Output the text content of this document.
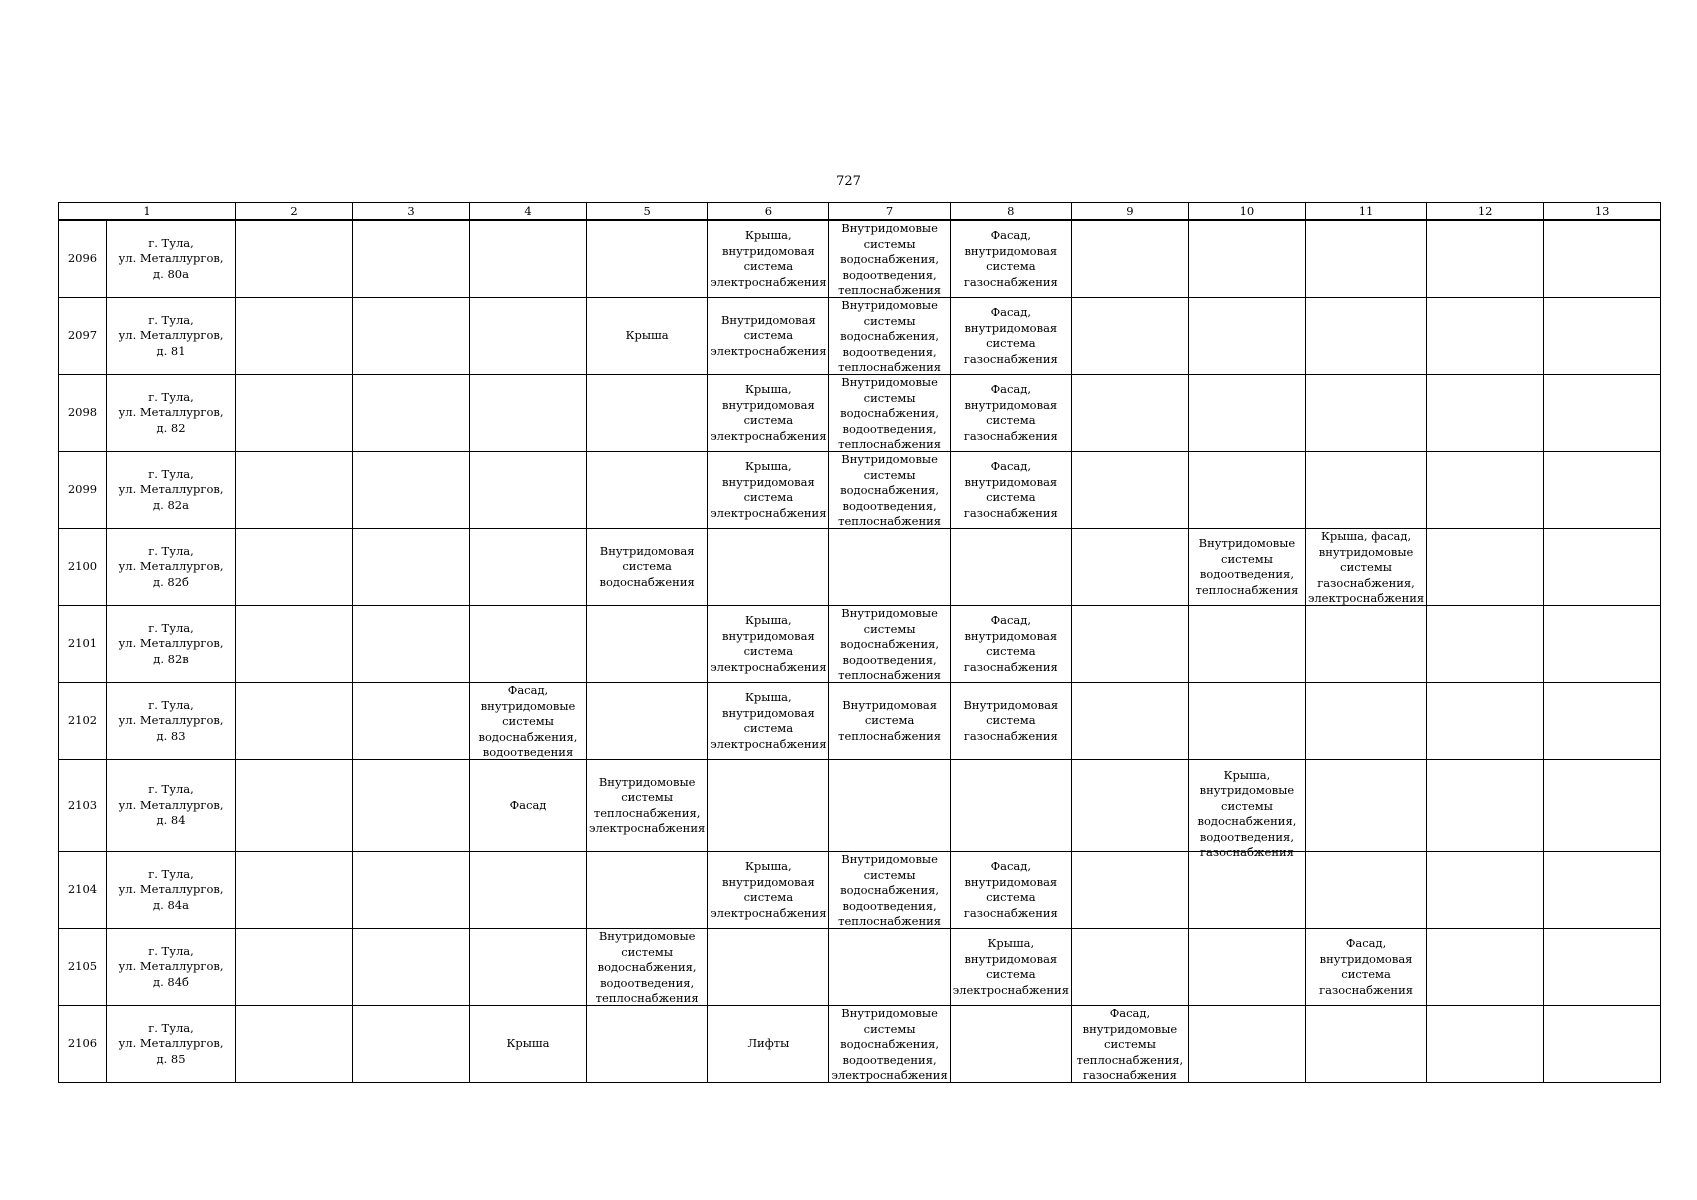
727
1		2	3	4	5	6	7	8	9	10	11	12	13
2096	г. Тула,
ул. Металлургов,
д. 80а					Крыша, внутридомовая система электроснабжения	Внутридомовые системы водоснабжения, водоотведения, теплоснабжения	Фасад, внутридомовая система газоснабжения					

2097	г. Тула,
ул. Металлургов,
д. 81				Крыша	Внутридомовая система электроснабжения	Внутридомовые системы водоснабжения, водоотведения, теплоснабжения	Фасад, внутридомовая система газоснабжения					

2098	г. Тула,
ул. Металлургов,
д. 82					Крыша, внутридомовая система электроснабжения	Внутридомовые системы водоснабжения, водоотведения, теплоснабжения	Фасад, внутридомовая система газоснабжения					

2099	г. Тула,
ул. Металлургов,
д. 82а					Крыша, внутридомовая система электроснабжения	Внутридомовые системы водоснабжения, водоотведения, теплоснабжения	Фасад, внутридомовая система газоснабжения					

2100	г. Тула,
ул. Металлургов,
д. 82б				Внутридомовая система водоснабжения					Внутридомовые системы водоотведения, теплоснабжения	Крыша, фасад, внутридомовые системы газоснабжения, электроснабжения		

2101	г. Тула,
ул. Металлургов,
д. 82в					Крыша, внутридомовая система электроснабжения	Внутридомовые системы водоснабжения, водоотведения, теплоснабжения	Фасад, внутридомовая система газоснабжения					

2102	г. Тула,
ул. Металлургов,
д. 83			Фасад, внутридомовые системы водоснабжения, водоотведения		Крыша, внутридомовая система электроснабжения	Внутридомовая система теплоснабжения	Внутридомовая система газоснабжения					

2103	г. Тула,
ул. Металлургов,
д. 84			Фасад	Внутридомовые системы теплоснабжения, электроснабжения					Крыша, внутридомовые системы водоснабжения, водоотведения, газоснабжения			

2104	г. Тула,
ул. Металлургов,
д. 84а					Крыша, внутридомовая система электроснабжения	Внутридомовые системы водоснабжения, водоотведения, теплоснабжения	Фасад, внутридомовая система газоснабжения					

2105	г. Тула,
ул. Металлургов,
д. 84б				Внутридомовые системы водоснабжения, водоотведения, теплоснабжения			Крыша, внутридомовая система электроснабжения			Фасад, внутридомовая система газоснабжения		

2106	г. Тула,
ул. Металлургов,
д. 85			Крыша		Лифты	Внутридомовые системы водоснабжения, водоотведения, электроснабжения		Фасад, внутридомовые системы теплоснабжения, газоснабжения				
